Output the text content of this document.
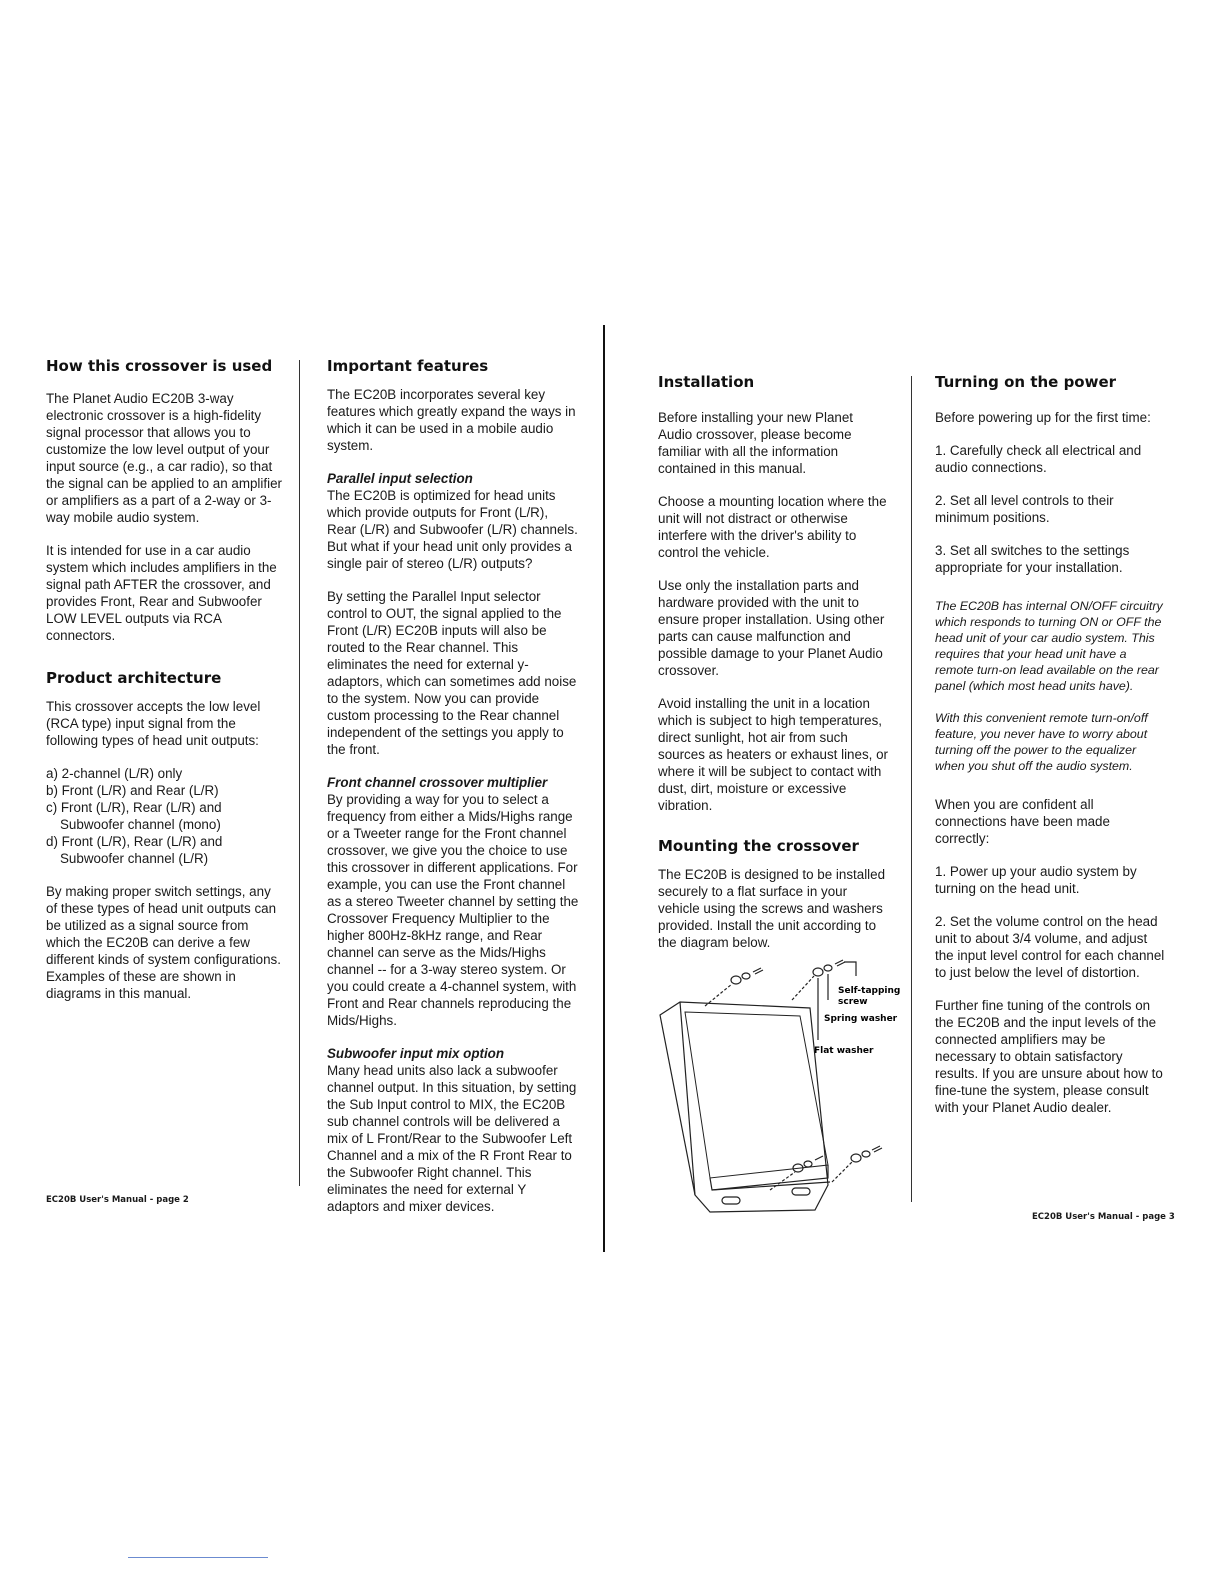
How this crossover is used

The Planet Audio EC20B 3-way electronic crossover is a high-fidelity signal processor that allows you to customize the low level output of your input source (e.g., a car radio), so that the signal can be applied to an amplifier or amplifiers as a part of a 2-way or 3-way mobile audio system.

It is intended for use in a car audio system which includes amplifiers in the signal path AFTER the crossover, and provides Front, Rear and Subwoofer LOW LEVEL outputs via RCA connectors.

Product architecture

This crossover accepts the low level (RCA type) input signal from the following types of head unit outputs:

a) 2-channel (L/R) only
b) Front (L/R) and Rear (L/R)
c) Front (L/R), Rear (L/R) and Subwoofer channel (mono)
d) Front (L/R), Rear (L/R) and Subwoofer channel (L/R)

By making proper switch settings, any of these types of head unit outputs can be utilized as a signal source from which the EC20B can derive a few different kinds of system configurations. Examples of these are shown in diagrams in this manual.

Important features

The EC20B incorporates several key features which greatly expand the ways in which it can be used in a mobile audio system.

Parallel input selection

The EC20B is optimized for head units which provide outputs for Front (L/R), Rear (L/R) and Subwoofer (L/R) channels. But what if your head unit only provides a single pair of stereo (L/R) outputs?

By setting the Parallel Input selector control to OUT, the signal applied to the Front (L/R) EC20B inputs will also be routed to the Rear channel. This eliminates the need for external y-adaptors, which can sometimes add noise to the system. Now you can provide custom processing to the Rear channel independent of the settings you apply to the front.

Front channel crossover multiplier

By providing a way for you to select a frequency from either a Mids/Highs range or a Tweeter range for the Front channel crossover, we give you the choice to use this crossover in different applications. For example, you can use the Front channel as a stereo Tweeter channel by setting the Crossover Frequency Multiplier to the higher 800Hz-8kHz range, and Rear channel can serve as the Mids/Highs channel -- for a 3-way stereo system. Or you could create a 4-channel system, with Front and Rear channels reproducing the Mids/Highs.

Subwoofer input mix option

Many head units also lack a subwoofer channel output. In this situation, by setting the Sub Input control to MIX, the EC20B sub channel controls will be delivered a mix of L Front/Rear to the Subwoofer Left Channel and a mix of the R Front Rear to the Subwoofer Right channel. This eliminates the need for external Y adaptors and mixer devices.

EC20B User's Manual - page 2
Installation

Before installing your new Planet Audio crossover, please become familiar with all the information contained in this manual.

Choose a mounting location where the unit will not distract or otherwise interfere with the driver's ability to control the vehicle.

Use only the installation parts and hardware provided with the unit to ensure proper installation. Using other parts can cause malfunction and possible damage to your Planet Audio crossover.

Avoid installing the unit in a location which is subject to high temperatures, direct sunlight, hot air from such sources as heaters or exhaust lines, or where it will be subject to contact with dust, dirt, moisture or excessive vibration.

Mounting the crossover

The EC20B is designed to be installed securely to a flat surface in your vehicle using the screws and washers provided. Install the unit according to the diagram below.

Self-tapping
screw
Spring washer
Flat washer
Turning on the power

Before powering up for the first time:

1. Carefully check all electrical and audio connections.

2. Set all level controls to their minimum positions.

3. Set all switches to the settings appropriate for your installation.

The EC20B has internal ON/OFF circuitry which responds to turning ON or OFF the head unit of your car audio system. This requires that your head unit have a remote turn-on lead available on the rear panel (which most head units have).

With this convenient remote turn-on/off feature, you never have to worry about turning off the power to the equalizer when you shut off the audio system.

When you are confident all connections have been made correctly:

1. Power up your audio system by turning on the head unit.

2. Set the volume control on the head unit to about 3/4 volume, and adjust the input level control for each channel to just below the level of distortion.

Further fine tuning of the controls on the EC20B and the input levels of the connected amplifiers may be necessary to obtain satisfactory results. If you are unsure about how to fine-tune the system, please consult with your Planet Audio dealer.

EC20B User's Manual - page 3
